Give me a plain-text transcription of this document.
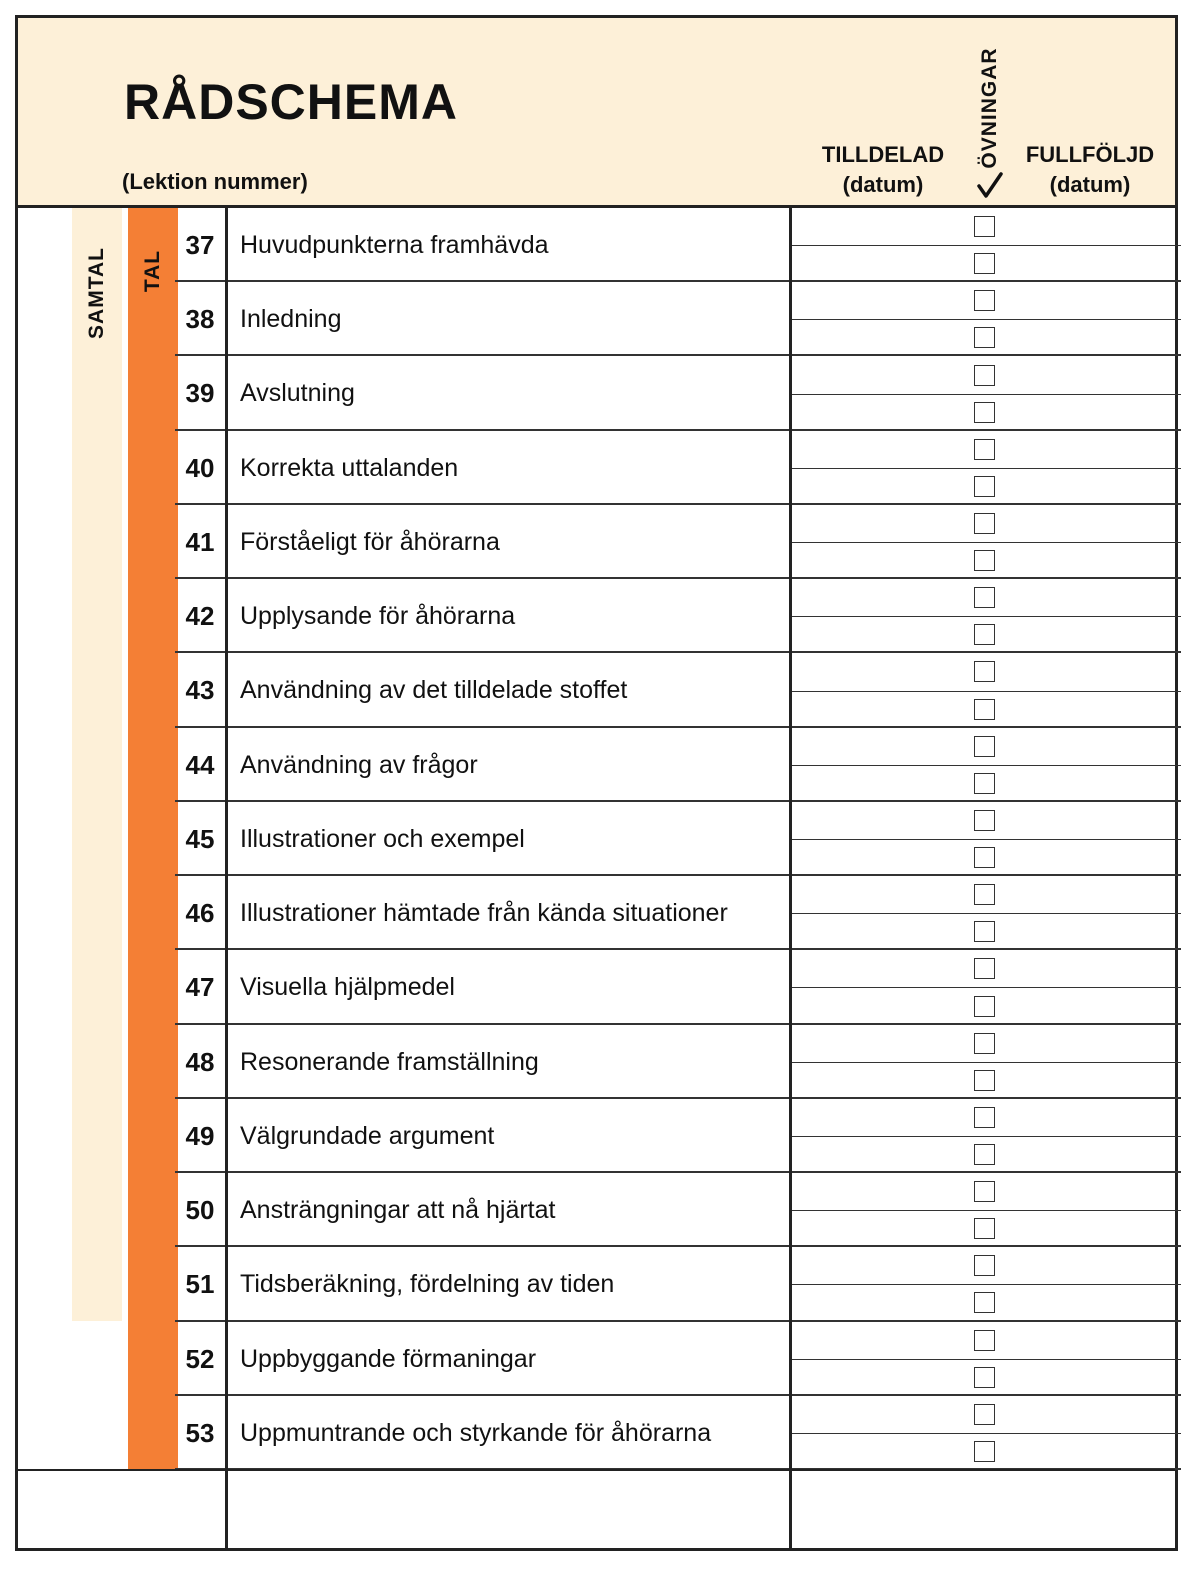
RÅDSCHEMA
(Lektion nummer)
TILLDELAD
(datum)
ÖVNINGAR FULLFÖLJD
(datum)
SAMTAL TAL
37 Huvudpunkterna framhävda
38 Inledning
39 Avslutning
40 Korrekta uttalanden
41 Förståeligt för åhörarna
42 Upplysande för åhörarna
43 Användning av det tilldelade stoffet
44 Användning av frågor
45 Illustrationer och exempel
46 Illustrationer hämtade från kända situationer
47 Visuella hjälpmedel
48 Resonerande framställning
49 Välgrundade argument
50 Ansträngningar att nå hjärtat
51 Tidsberäkning, fördelning av tiden
52 Uppbyggande förmaningar
53 Uppmuntrande och styrkande för åhörarna
